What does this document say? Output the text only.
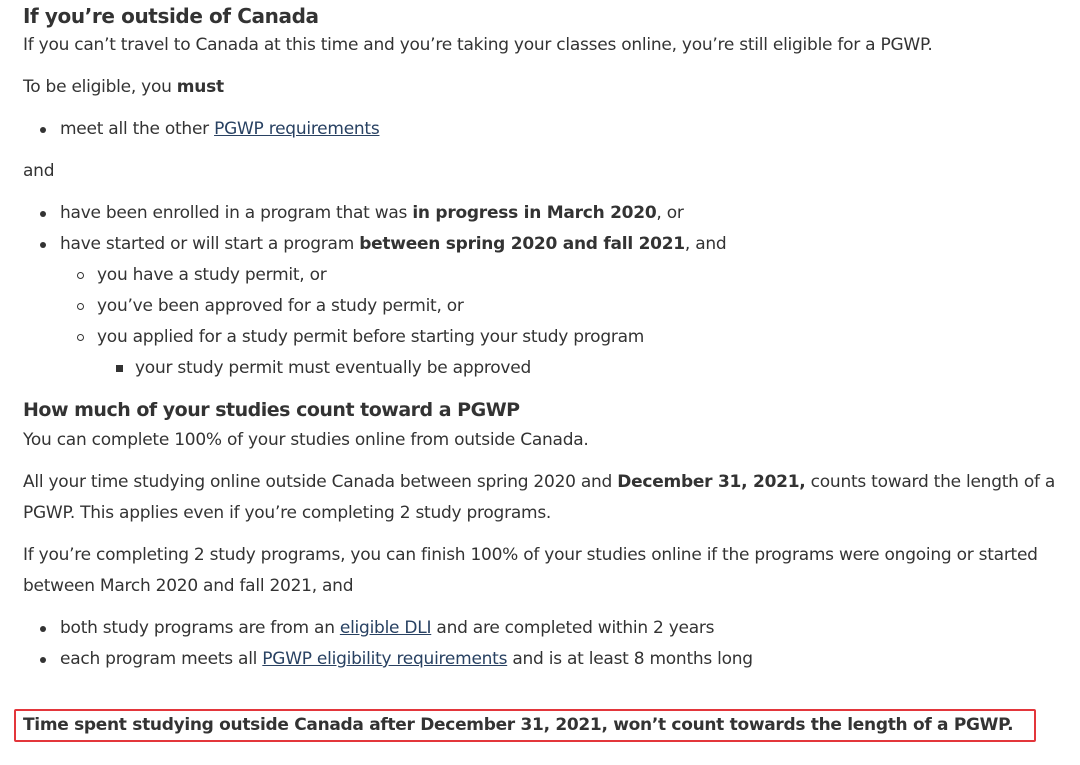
If you’re outside of Canada

If you can’t travel to Canada at this time and you’re taking your classes online, you’re still eligible for a PGWP.

To be eligible, you must

meet all the other PGWP requirements

and

have been enrolled in a program that was in progress in March 2020, or
have started or will start a program between spring 2020 and fall 2021, and
you have a study permit, or
you’ve been approved for a study permit, or
you applied for a study permit before starting your study program
your study permit must eventually be approved
How much of your studies count toward a PGWP

You can complete 100% of your studies online from outside Canada.

All your time studying online outside Canada between spring 2020 and December 31, 2021, counts toward the length of a PGWP. This applies even if you’re completing 2 study programs.

If you’re completing 2 study programs, you can finish 100% of your studies online if the programs were ongoing or started between March 2020 and fall 2021, and

both study programs are from an eligible DLI and are completed within 2 years
each program meets all PGWP eligibility requirements and is at least 8 months long
Time spent studying outside Canada after December 31, 2021, won’t count towards the length of a PGWP.
